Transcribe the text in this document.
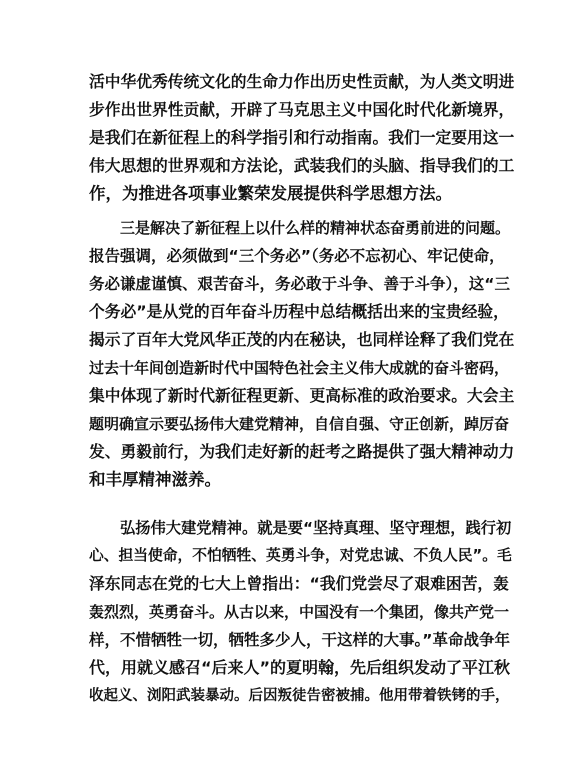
活中华优秀传统文化的生命力作出历史性贡献，为人类文明进
步作出世界性贡献，开辟了马克思主义中国化时代化新境界，
是我们在新征程上的科学指引和行动指南。我们一定要用这一
伟大思想的世界观和方法论，武装我们的头脑、指导我们的工
作，为推进各项事业繁荣发展提供科学思想方法。
三是解决了新征程上以什么样的精神状态奋勇前进的问题。
报告强调，必须做到“三个务必”（务必不忘初心、牢记使命，
务必谦虚谨慎、艰苦奋斗，务必敢于斗争、善于斗争），这“三
个务必”是从党的百年奋斗历程中总结概括出来的宝贵经验，
揭示了百年大党风华正茂的内在秘诀，也同样诠释了我们党在
过去十年间创造新时代中国特色社会主义伟大成就的奋斗密码，
集中体现了新时代新征程更新、更高标准的政治要求。大会主
题明确宣示要弘扬伟大建党精神，自信自强、守正创新，踔厉奋
发、勇毅前行，为我们走好新的赶考之路提供了强大精神动力
和丰厚精神滋养。
弘扬伟大建党精神。就是要“坚持真理、坚守理想，践行初
心、担当使命，不怕牺牲、英勇斗争，对党忠诚、不负人民”。毛
泽东同志在党的七大上曾指出：“我们党尝尽了艰难困苦，轰
轰烈烈，英勇奋斗。从古以来，中国没有一个集团，像共产党一
样，不惜牺牲一切，牺牲多少人，干这样的大事。”革命战争年
代，用就义感召“后来人”的夏明翰，先后组织发动了平江秋
收起义、浏阳武装暴动。后因叛徒告密被捕。他用带着铁铐的手，
